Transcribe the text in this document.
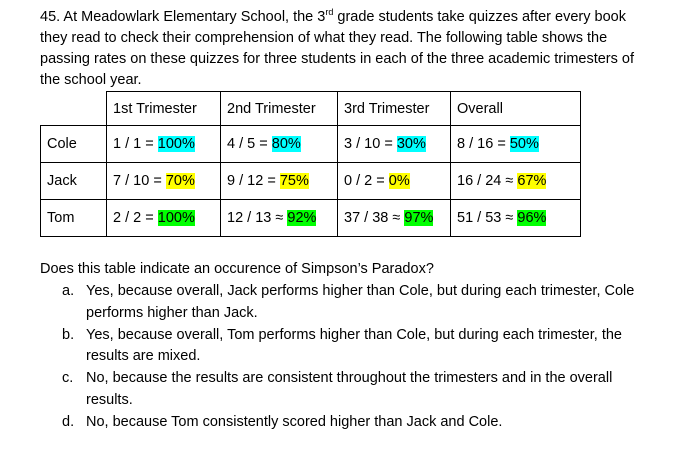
45. At Meadowlark Elementary School, the 3rd grade students take quizzes after every book they read to check their comprehension of what they read. The following table shows the passing rates on these quizzes for three students in each of the three academic trimesters of the school year.
	1st Trimester	2nd Trimester	3rd Trimester	Overall
Cole	1 / 1 = 100%	4 / 5 = 80%	3 / 10 = 30%	8 / 16 = 50%
Jack	7 / 10 = 70%	9 / 12 = 75%	0 / 2 = 0%	16 / 24 ≈ 67%
Tom	2 / 2 = 100%	12 / 13 ≈ 92%	37 / 38 ≈ 97%	51 / 53 ≈ 96%
Does this table indicate an occurence of Simpson’s Paradox?
a. Yes, because overall, Jack performs higher than Cole, but during each trimester, Cole performs higher than Jack.
b. Yes, because overall, Tom performs higher than Cole, but during each trimester, the results are mixed.
c. No, because the results are consistent throughout the trimesters and in the overall results.
d. No, because Tom consistently scored higher than Jack and Cole.
